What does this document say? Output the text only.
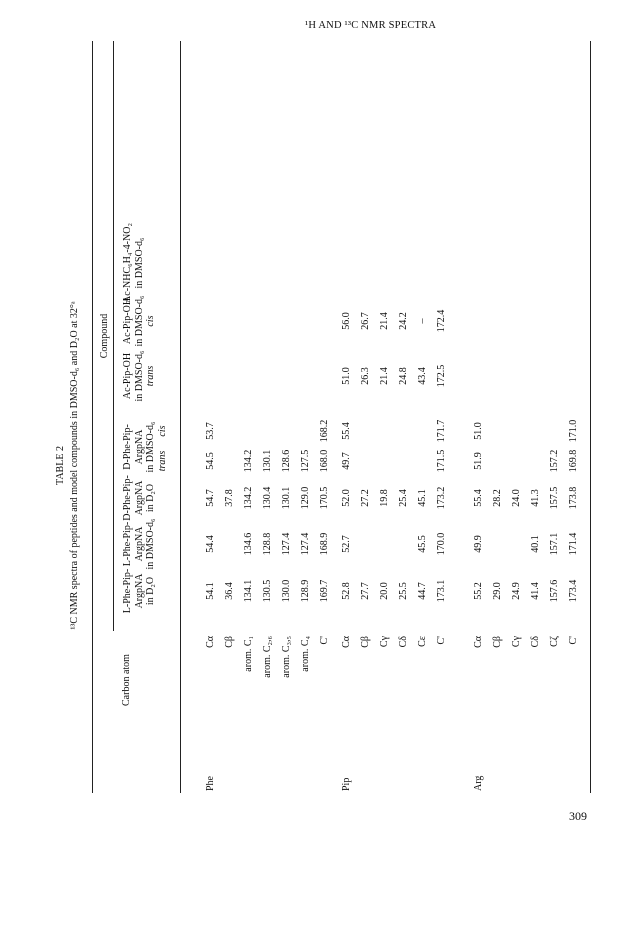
¹H AND ¹³C NMR SPECTRA
309
TABLE 2 ¹³C NMR spectra of peptides and model compounds in DMSO-d₆ and D₂O at 32°ᵃ Compound
Carbon atom
L-Phe-Pip- ArgpNA in D₂O
L-Phe-Pip- ArgpNA in DMSO-d₆
D-Phe-Pip- ArgpNA in D₂O
D-Phe-Pip- ArgpNA in DMSO-d₆ trans
cis
Ac-Pip-OH in DMSO-d₆ trans
Ac-Pip-OH in DMSO-d₆ cis
Ac-NHC₆H₄-4-NO₂ in DMSO-d₆
Phe
Cα
54.1
54.4
54.7
54.5
53.7
Cβ
36.4
37.8
arom. C₁
134.1
134.6
134.2
134.2
arom. C₂,₆
130.5
128.8
130.4
130.1
arom. C₃,₅
130.0
127.4
130.1
128.6
arom. C₄
128.9
127.4
129.0
127.5
C'
169.7
168.9
170.5
168.0
168.2
Pip
Cα
52.8
52.7
52.0
49.7
55.4
51.0
56.0
Cβ
27.7
27.2
26.3
26.7
Cγ
20.0
19.8
21.4
21.4
Cδ
25.5
25.4
24.8
24.2
Cε
44.7
45.5
45.1
43.4
–
C'
173.1
170.0
173.2
171.5
171.7
172.5
172.4
Arg
Cα
55.2
49.9
55.4
51.9
51.0
Cβ
29.0
28.2
Cγ
24.9
24.0
Cδ
41.4
40.1
41.3
Cζ
157.6
157.1
157.5
157.2
C'
173.4
171.4
173.8
169.8
171.0
